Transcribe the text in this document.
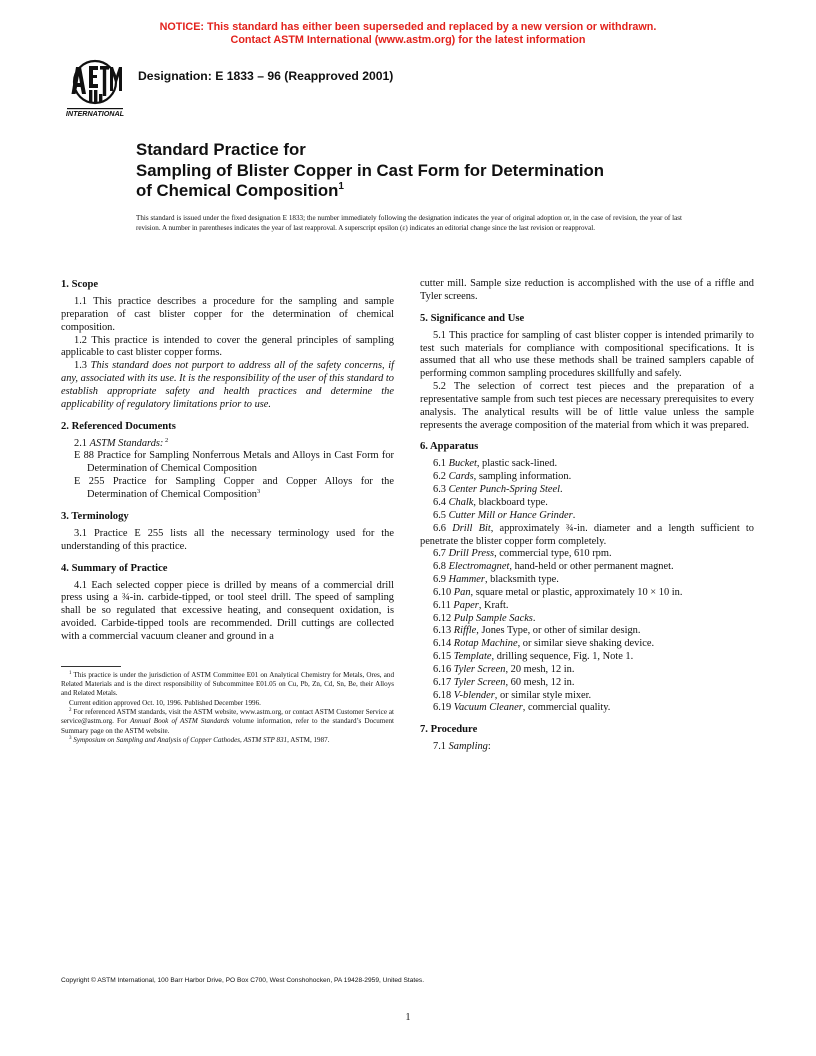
NOTICE: This standard has either been superseded and replaced by a new version or withdrawn.
Contact ASTM International (www.astm.org) for the latest information
INTERNATIONAL
Designation: E 1833 – 96 (Reapproved 2001)
Standard Practice for
Sampling of Blister Copper in Cast Form for Determination
of Chemical Composition$^1$
This standard is issued under the fixed designation E 1833; the number immediately following the designation indicates the year of original adoption or, in the case of revision, the year of last revision. A number in parentheses indicates the year of last reapproval. A superscript epsilon (ε) indicates an editorial change since the last revision or reapproval.
1. Scope

1.1 This practice describes a procedure for the sampling and sample preparation of cast blister copper for the determination of chemical composition.

1.2 This practice is intended to cover the general principles of sampling applicable to cast blister copper forms.

1.3 This standard does not purport to address all of the safety concerns, if any, associated with its use. It is the responsibility of the user of this standard to establish appropriate safety and health practices and determine the applicability of regulatory limitations prior to use.

2. Referenced Documents

2.1 ASTM Standards: $^2$

E 88 Practice for Sampling Nonferrous Metals and Alloys in Cast Form for Determination of Chemical Composition

E 255 Practice for Sampling Copper and Copper Alloys for the Determination of Chemical Composition$^3$

3. Terminology

3.1 Practice E 255 lists all the necessary terminology used for the understanding of this practice.

4. Summary of Practice

4.1 Each selected copper piece is drilled by means of a commercial drill press using a ¾-in. carbide-tipped, or tool steel drill. The speed of sampling shall be so regulated that excessive heating, and consequent oxidation, is avoided. Carbide-tipped tools are recommended. Drill cuttings are collected with a commercial vacuum cleaner and ground in a

$^1$ This practice is under the jurisdiction of ASTM Committee E01 on Analytical Chemistry for Metals, Ores, and Related Materials and is the direct responsibility of Subcommittee E01.05 on Cu, Pb, Zn, Cd, Sn, Be, their Alloys and Related Metals.

Current edition approved Oct. 10, 1996. Published December 1996.

$^2$ For referenced ASTM standards, visit the ASTM website, www.astm.org, or contact ASTM Customer Service at service@astm.org. For Annual Book of ASTM Standards volume information, refer to the standard’s Document Summary page on the ASTM website.

$^3$ Symposium on Sampling and Analysis of Copper Cathodes, ASTM STP 831, ASTM, 1987.

cutter mill. Sample size reduction is accomplished with the use of a riffle and Tyler screens.

5. Significance and Use

5.1 This practice for sampling of cast blister copper is intended primarily to test such materials for compliance with compositional specifications. It is assumed that all who use these methods shall be trained samplers capable of performing common sampling procedures skillfully and safely.

5.2 The selection of correct test pieces and the preparation of a representative sample from such test pieces are necessary prerequisites to every analysis. The analytical results will be of little value unless the sample represents the average composition of the material from which it was prepared.

6. Apparatus

6.1 Bucket, plastic sack-lined.

6.2 Cards, sampling information.

6.3 Center Punch-Spring Steel.

6.4 Chalk, blackboard type.

6.5 Cutter Mill or Hance Grinder.

6.6 Drill Bit, approximately ¾-in. diameter and a length sufficient to penetrate the blister copper form completely.

6.7 Drill Press, commercial type, 610 rpm.

6.8 Electromagnet, hand-held or other permanent magnet.

6.9 Hammer, blacksmith type.

6.10 Pan, square metal or plastic, approximately 10 × 10 in.

6.11 Paper, Kraft.

6.12 Pulp Sample Sacks.

6.13 Riffle, Jones Type, or other of similar design.

6.14 Rotap Machine, or similar sieve shaking device.

6.15 Template, drilling sequence, Fig. 1, Note 1.

6.16 Tyler Screen, 20 mesh, 12 in.

6.17 Tyler Screen, 60 mesh, 12 in.

6.18 V-blender, or similar style mixer.

6.19 Vacuum Cleaner, commercial quality.

7. Procedure

7.1 Sampling:

Copyright © ASTM International, 100 Barr Harbor Drive, PO Box C700, West Conshohocken, PA 19428-2959, United States.
1
